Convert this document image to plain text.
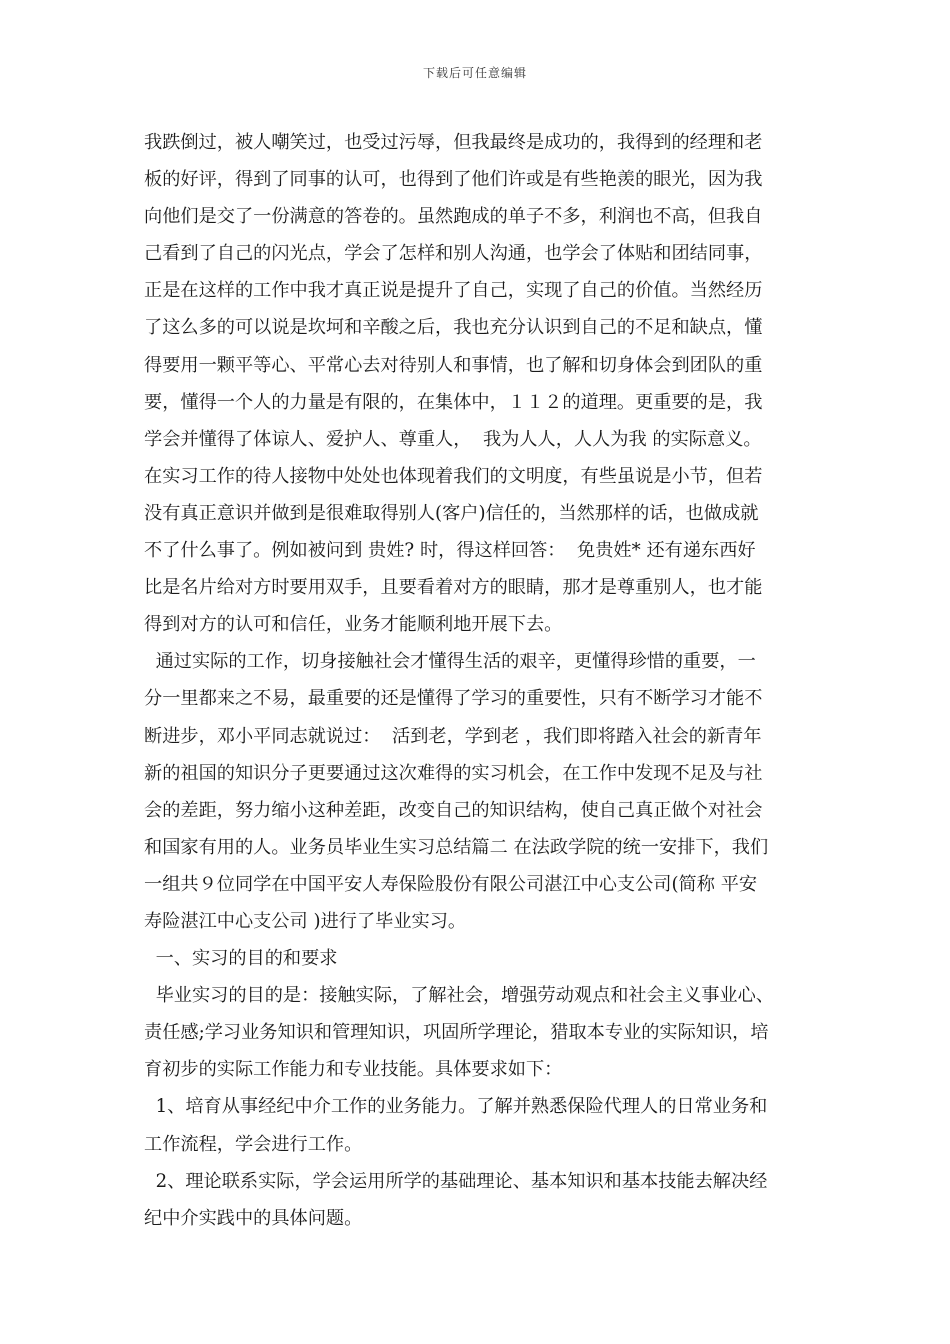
下载后可任意编辑
我跌倒过，被人嘲笑过，也受过污辱，但我最终是成功的，我得到的经理和老
板的好评，得到了同事的认可，也得到了他们许或是有些艳羡的眼光，因为我
向他们是交了一份满意的答卷的。虽然跑成的单子不多，利润也不高，但我自
己看到了自己的闪光点，学会了怎样和别人沟通，也学会了体贴和团结同事，
正是在这样的工作中我才真正说是提升了自己，实现了自己的价值。当然经历
了这么多的可以说是坎坷和辛酸之后，我也充分认识到自己的不足和缺点，懂
得要用一颗平等心、平常心去对待别人和事情，也了解和切身体会到团队的重
要，懂得一个人的力量是有限的，在集体中，１１２的道理。更重要的是，我
学会并懂得了体谅人、爱护人、尊重人，  我为人人，人人为我 的实际意义。
在实习工作的待人接物中处处也体现着我们的文明度，有些虽说是小节，但若
没有真正意识并做到是很难取得别人(客户)信任的，当然那样的话，也做成就
不了什么事了。例如被问到 贵姓? 时，得这样回答：  免贵姓* 还有递东西好
比是名片给对方时要用双手，且要看着对方的眼睛，那才是尊重别人，也才能
得到对方的认可和信任，业务才能顺利地开展下去。
通过实际的工作，切身接触社会才懂得生活的艰辛，更懂得珍惜的重要，一
分一里都来之不易，最重要的还是懂得了学习的重要性，只有不断学习才能不
断进步，邓小平同志就说过：  活到老，学到老 ，我们即将踏入社会的新青年
新的祖国的知识分子更要通过这次难得的实习机会，在工作中发现不足及与社
会的差距，努力缩小这种差距，改变自己的知识结构，使自己真正做个对社会
和国家有用的人。业务员毕业生实习总结篇二 在法政学院的统一安排下，我们
一组共９位同学在中国平安人寿保险股份有限公司湛江中心支公司(简称 平安
寿险湛江中心支公司 )进行了毕业实习。
一、实习的目的和要求
毕业实习的目的是：接触实际，了解社会，增强劳动观点和社会主义事业心、
责任感;学习业务知识和管理知识，巩固所学理论，猎取本专业的实际知识，培
育初步的实际工作能力和专业技能。具体要求如下：
1、培育从事经纪中介工作的业务能力。了解并熟悉保险代理人的日常业务和
工作流程，学会进行工作。
2、理论联系实际，学会运用所学的基础理论、基本知识和基本技能去解决经
纪中介实践中的具体问题。
